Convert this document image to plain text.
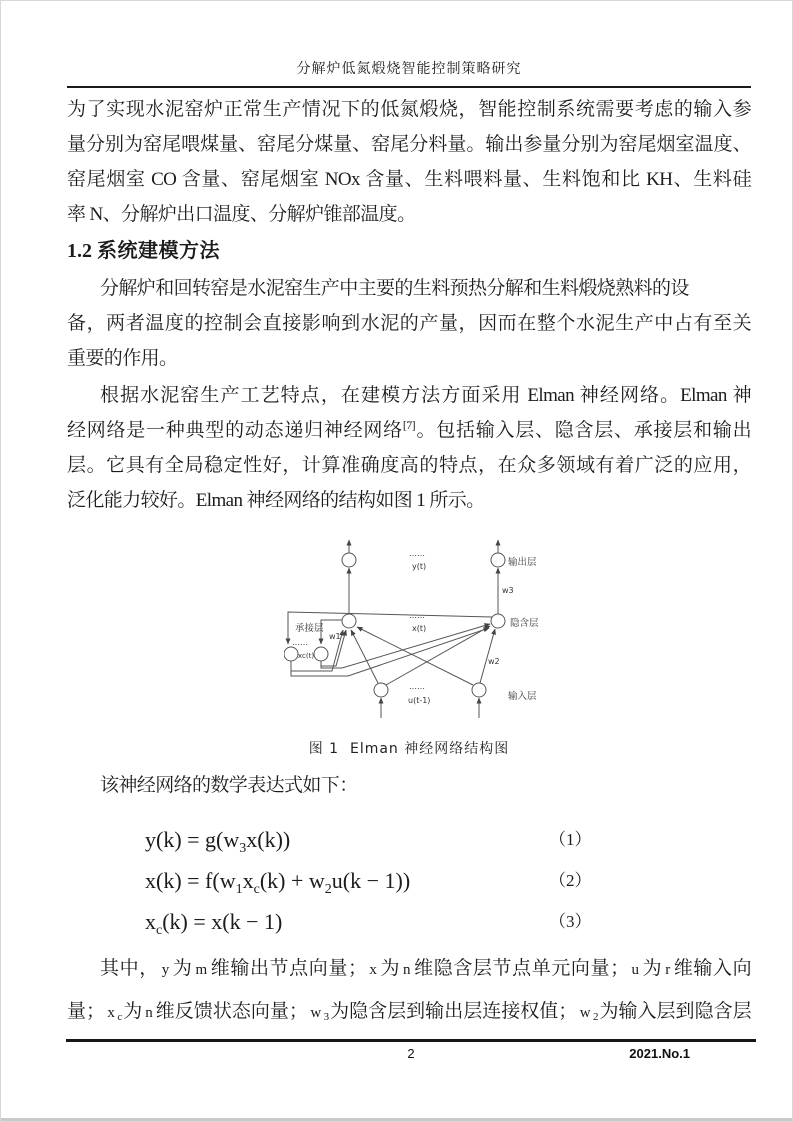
分解炉低氮煅烧智能控制策略研究
为了实现水泥窑炉正常生产情况下的低氮煅烧，智能控制系统需要考虑的输入参
量分别为窑尾喂煤量、窑尾分煤量、窑尾分料量。输出参量分别为窑尾烟室温度、
窑尾烟室 CO 含量、窑尾烟室 NOx 含量、生料喂料量、生料饱和比 KH、生料硅
率 N、分解炉出口温度、分解炉锥部温度。
1.2 系统建模方法
分解炉和回转窑是水泥窑生产中主要的生料预热分解和生料煅烧熟料的设
备，两者温度的控制会直接影响到水泥的产量，因而在整个水泥生产中占有至关
重要的作用。
根据水泥窑生产工艺特点，在建模方法方面采用 Elman 神经网络。Elman 神
经网络是一种典型的动态递归神经网络[7]。包括输入层、隐含层、承接层和输出
层。它具有全局稳定性好，计算准确度高的特点，在众多领域有着广泛的应用，
泛化能力较好。Elman 神经网络的结构如图 1 所示。
……
y(t)	输出层
w3
……
x(t)	隐含层
承接层
……
xc(t)
w1
w2
……
u(t-1)	输入层
图 1  Elman 神经网络结构图
该神经网络的数学表达式如下：
$y(k) = g(w_3x(k))$	（1）
$x(k) = f(w_1x_c(k) + w_2u(k - 1))$	（2）
$x_c(k) = x(k - 1)$	（3）
其中， y 为 m 维输出节点向量； x 为 n 维隐含层节点单元向量； u 为 r 维输入向
量； x $_c$为 n 维反馈状态向量； w $_3$为隐含层到输出层连接权值； w $_2$为输入层到隐含层
2	2021.No.1
